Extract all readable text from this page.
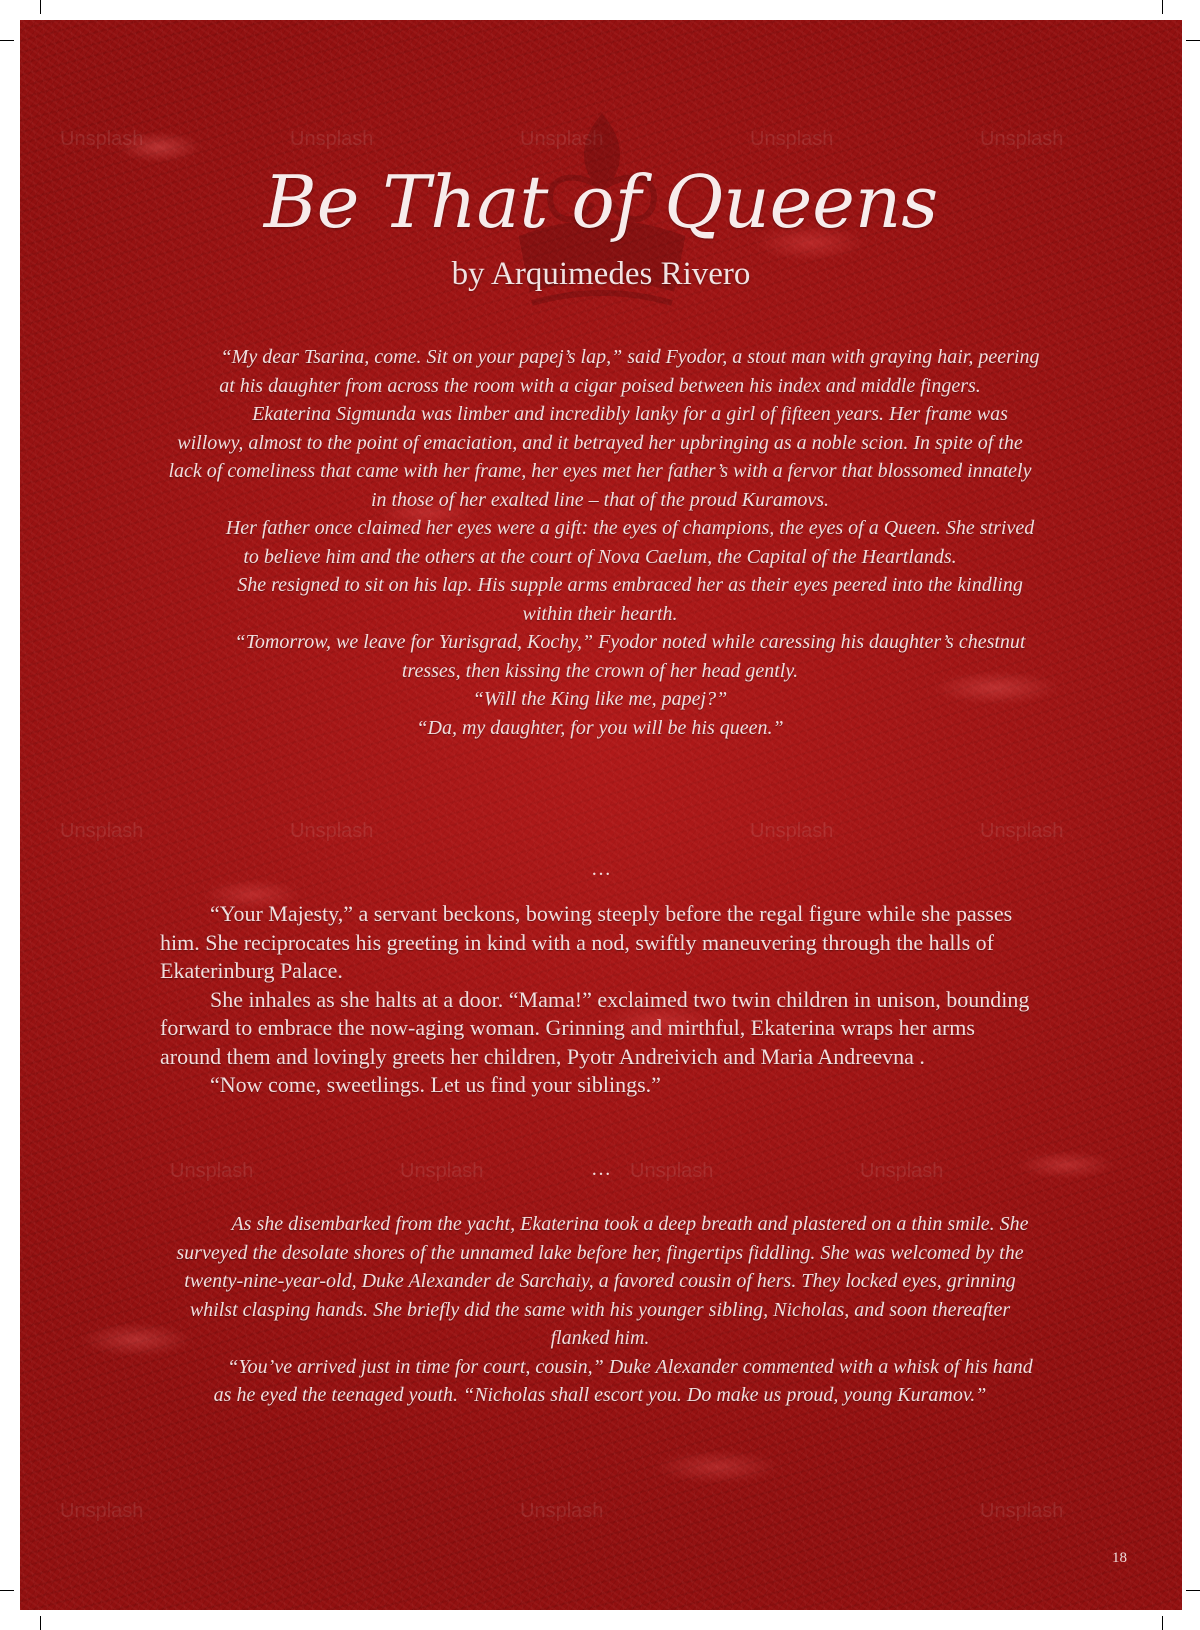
Unsplash	Unsplash	Unsplash	Unsplash	Unsplash
Unsplash	Unsplash	Unsplash	Unsplash
Unsplash	Unsplash	Unsplash	Unsplash
Unsplash	Unsplash	Unsplash
Be That of Queens
by Arquimedes Rivero

“My dear Tsarina, come. Sit on your papej’s lap,” said Fyodor, a stout man with graying hair, peering at his daughter from across the room with a cigar poised between his index and middle fingers.

Ekaterina Sigmunda was limber and incredibly lanky for a girl of fifteen years. Her frame was willowy, almost to the point of emaciation, and it betrayed her upbringing as a noble scion. In spite of the lack of comeliness that came with her frame, her eyes met her father’s with a fervor that blossomed innately in those of her exalted line – that of the proud Kuramovs.

Her father once claimed her eyes were a gift: the eyes of champions, the eyes of a Queen. She strived to believe him and the others at the court of Nova Caelum, the Capital of the Heartlands.

She resigned to sit on his lap. His supple arms embraced her as their eyes peered into the kindling within their hearth.

“Tomorrow, we leave for Yurisgrad, Kochy,” Fyodor noted while caressing his daughter’s chestnut tresses, then kissing the crown of her head gently.

“Will the King like me, papej?”

“Da, my daughter, for you will be his queen.”

…

“Your Majesty,” a servant beckons, bowing steeply before the regal figure while she passes him. She reciprocates his greeting in kind with a nod, swiftly maneuvering through the halls of Ekaterinburg Palace.

She inhales as she halts at a door. “Mama!” exclaimed two twin children in unison, bounding forward to embrace the now-aging woman. Grinning and mirthful, Ekaterina wraps her arms around them and lovingly greets her children, Pyotr Andreivich and Maria Andreevna .

“Now come, sweetlings. Let us find your siblings.”

…

As she disembarked from the yacht, Ekaterina took a deep breath and plastered on a thin smile. She surveyed the desolate shores of the unnamed lake before her, fingertips fiddling. She was welcomed by the twenty-nine-year-old, Duke Alexander de Sarchaiy, a favored cousin of hers. They locked eyes, grinning whilst clasping hands. She briefly did the same with his younger sibling, Nicholas, and soon thereafter flanked him.

“You’ve arrived just in time for court, cousin,” Duke Alexander commented with a whisk of his hand as he eyed the teenaged youth. “Nicholas shall escort you. Do make us proud, young Kuramov.”

18
